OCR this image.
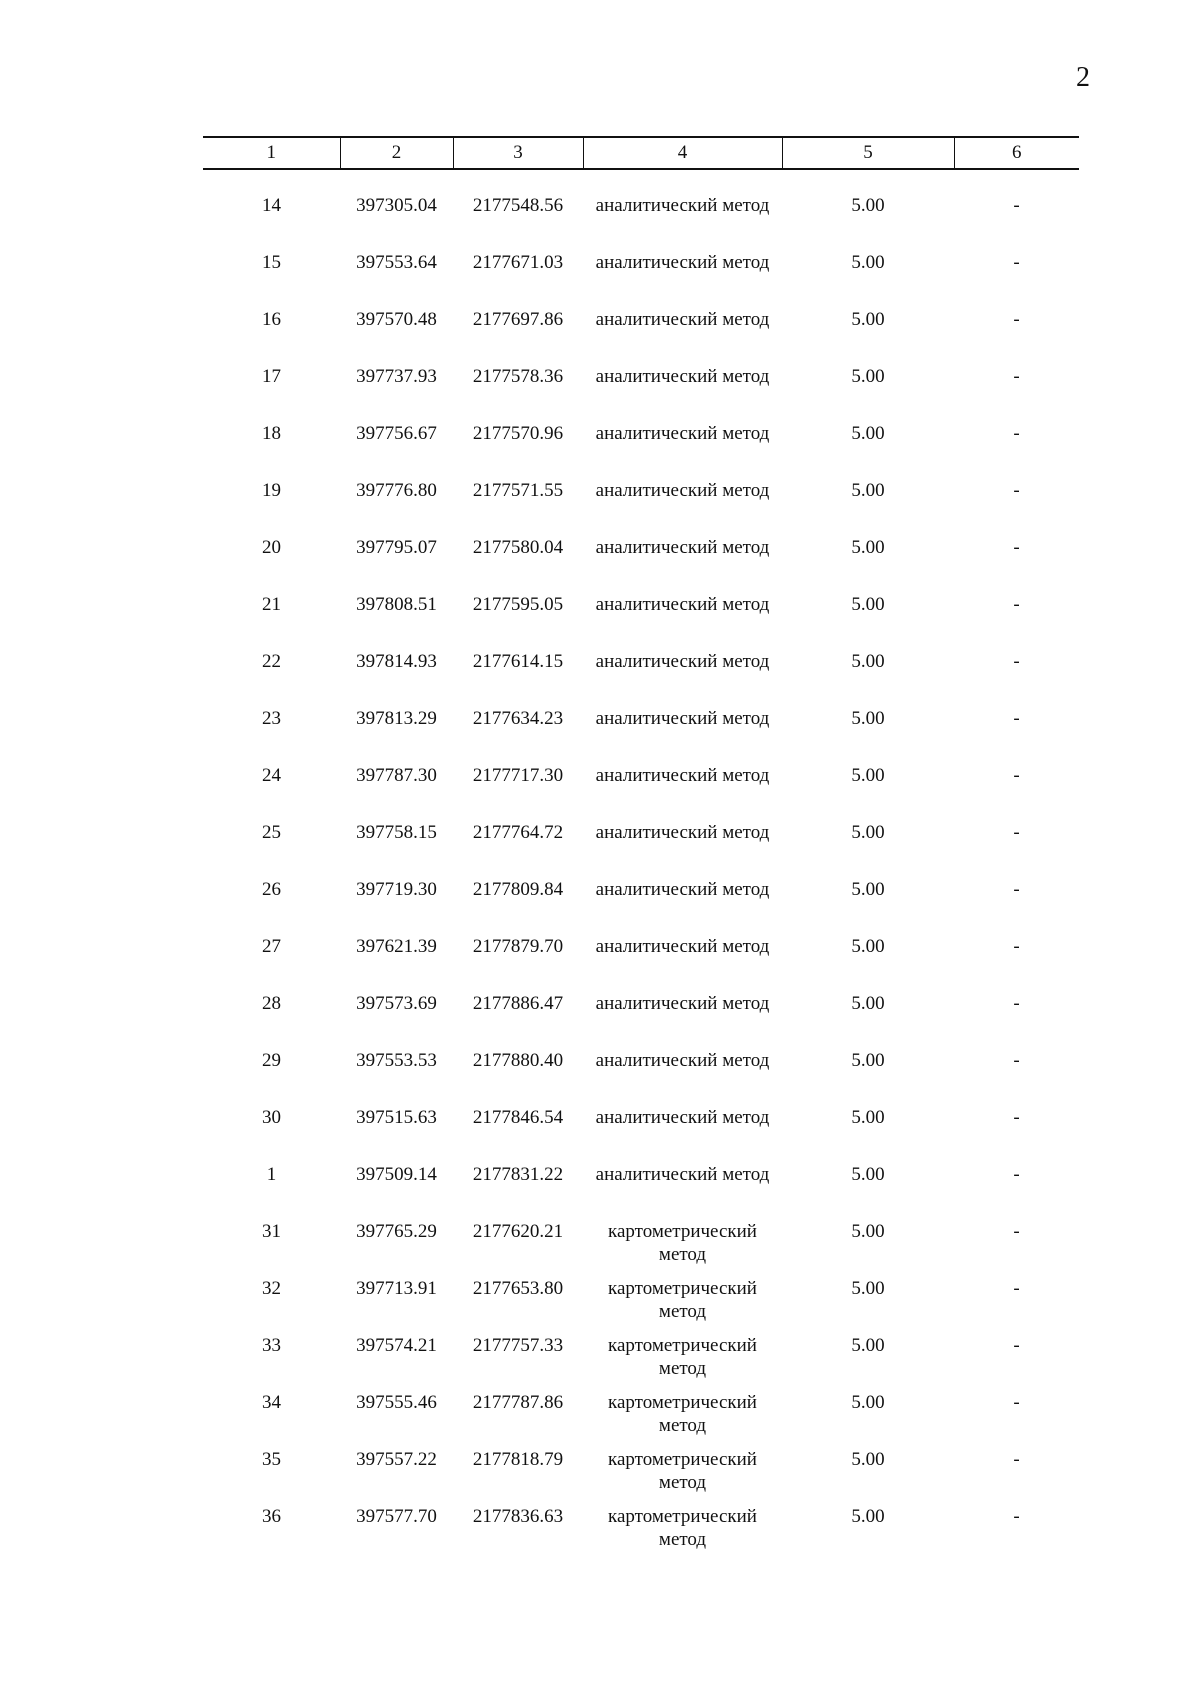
2
1	2	3	4	5	6

14	397305.04	2177548.56	аналитический метод	5.00	-
15	397553.64	2177671.03	аналитический метод	5.00	-
16	397570.48	2177697.86	аналитический метод	5.00	-
17	397737.93	2177578.36	аналитический метод	5.00	-
18	397756.67	2177570.96	аналитический метод	5.00	-
19	397776.80	2177571.55	аналитический метод	5.00	-
20	397795.07	2177580.04	аналитический метод	5.00	-
21	397808.51	2177595.05	аналитический метод	5.00	-
22	397814.93	2177614.15	аналитический метод	5.00	-
23	397813.29	2177634.23	аналитический метод	5.00	-
24	397787.30	2177717.30	аналитический метод	5.00	-
25	397758.15	2177764.72	аналитический метод	5.00	-
26	397719.30	2177809.84	аналитический метод	5.00	-
27	397621.39	2177879.70	аналитический метод	5.00	-
28	397573.69	2177886.47	аналитический метод	5.00	-
29	397553.53	2177880.40	аналитический метод	5.00	-
30	397515.63	2177846.54	аналитический метод	5.00	-
1	397509.14	2177831.22	аналитический метод	5.00	-
31	397765.29	2177620.21	картометрический метод	5.00	-
32	397713.91	2177653.80	картометрический метод	5.00	-
33	397574.21	2177757.33	картометрический метод	5.00	-
34	397555.46	2177787.86	картометрический метод	5.00	-
35	397557.22	2177818.79	картометрический метод	5.00	-
36	397577.70	2177836.63	картометрический метод	5.00	-
